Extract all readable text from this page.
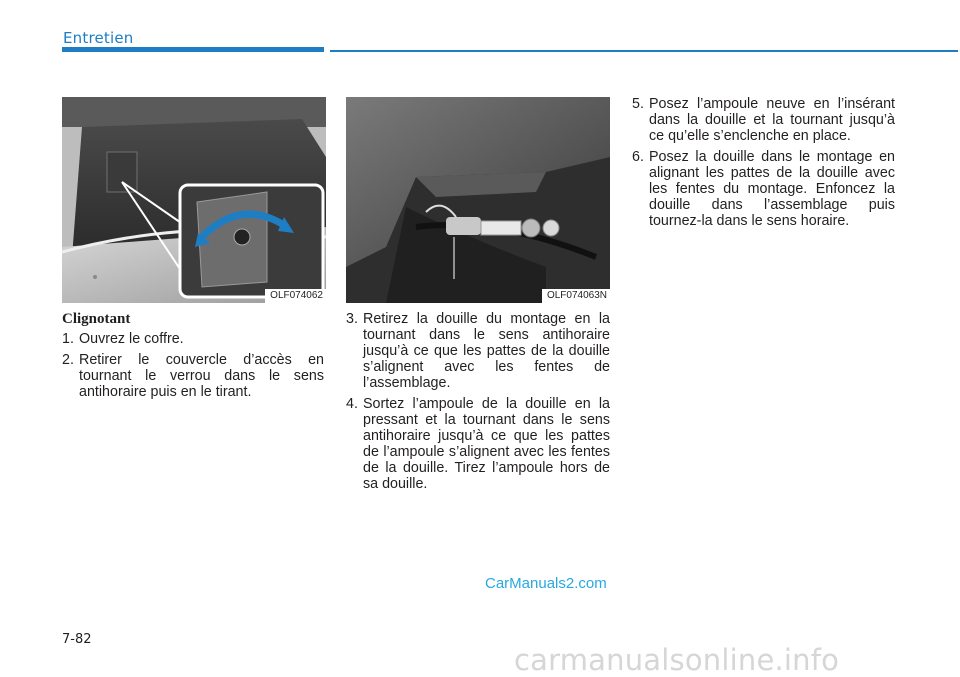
Entretien
OLF074062
Clignotant
OLF074063N
Clignotant
1. Ouvrez le coffre.
2. Retirer le couvercle d’accès en tournant le verrou dans le sens antihoraire puis en le tirant.
3. Retirez la douille du montage en la tournant dans le sens antihoraire jusqu’à ce que les pattes de la douille s’alignent avec les fentes de l’assemblage.
4. Sortez l’ampoule de la douille en la pressant et la tournant dans le sens antihoraire jusqu’à ce que les pattes de l’ampoule s’alignent avec les fentes de la douille. Tirez l’ampoule hors de sa douille.
5. Posez l’ampoule neuve en l’insérant dans la douille et la tournant jusqu’à ce qu’elle s’enclenche en place.
6. Posez la douille dans le montage en alignant les pattes de la douille avec les fentes du montage. Enfoncez la douille dans l’assemblage puis tournez-la dans le sens horaire.
CarManuals2.com
7-82
carmanualsonline.info
